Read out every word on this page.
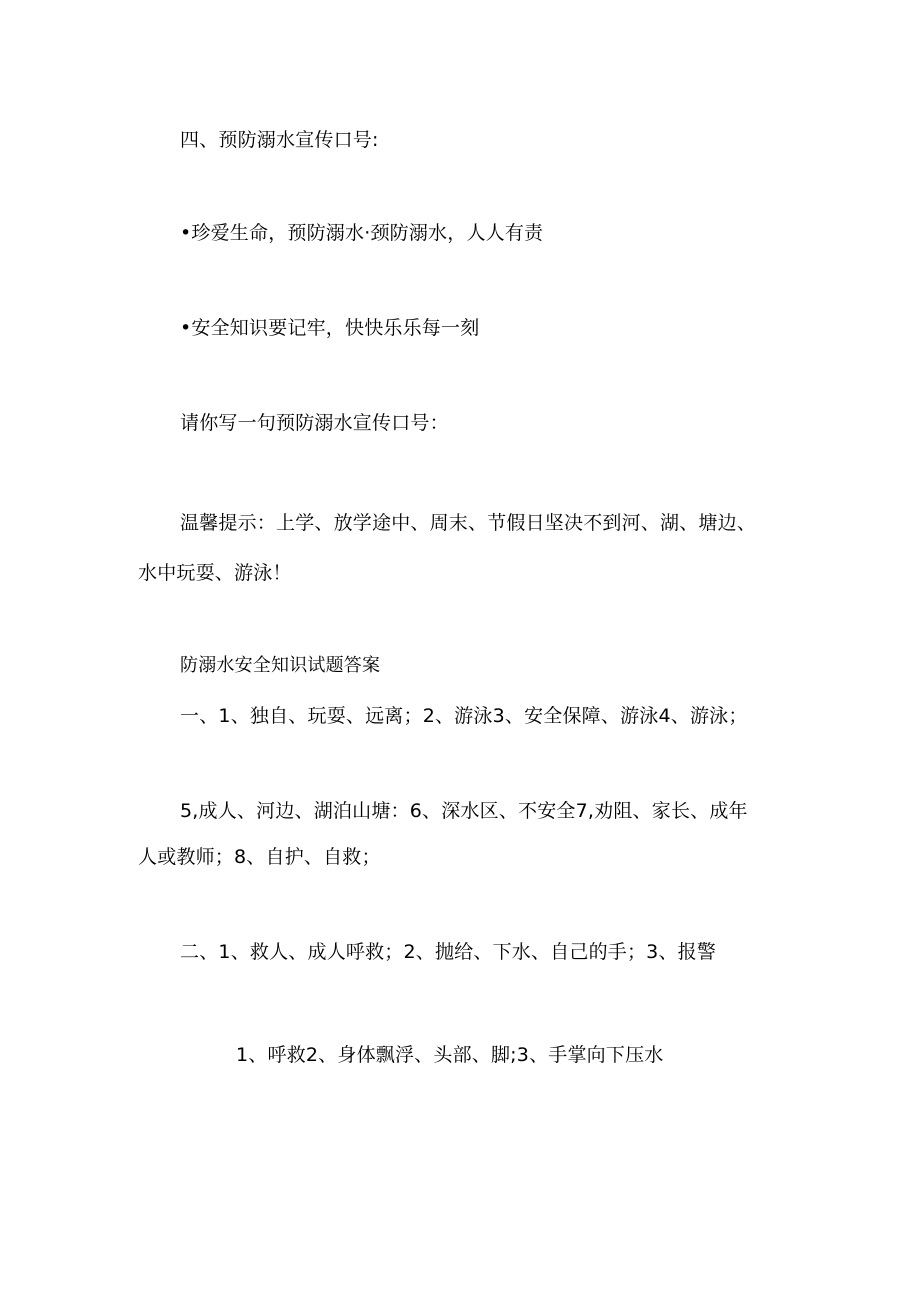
四、预防溺水宣传口号:
•珍爱生命，预防溺水·颈防溺水，人人有责
•安全知识要记牢，快快乐乐每一刻
请你写一句预防溺水宣传口号：
温馨提示：上学、放学途中、周末、节假日坚决不到河、湖、塘边、
水中玩耍、游泳！
防溺水安全知识试题答案
一、1、独自、玩耍、远离；2、游泳3、安全保障、游泳4、游泳；
5,成人、河边、湖泊山塘：6、深水区、不安全7,劝阻、家长、成年
人或教师；8、自护、自救；
二、1、救人、成人呼救；2、抛给、下水、自己的手；3、报警
1、呼救2、身体飘浮、头部、脚;3、手掌向下压水
